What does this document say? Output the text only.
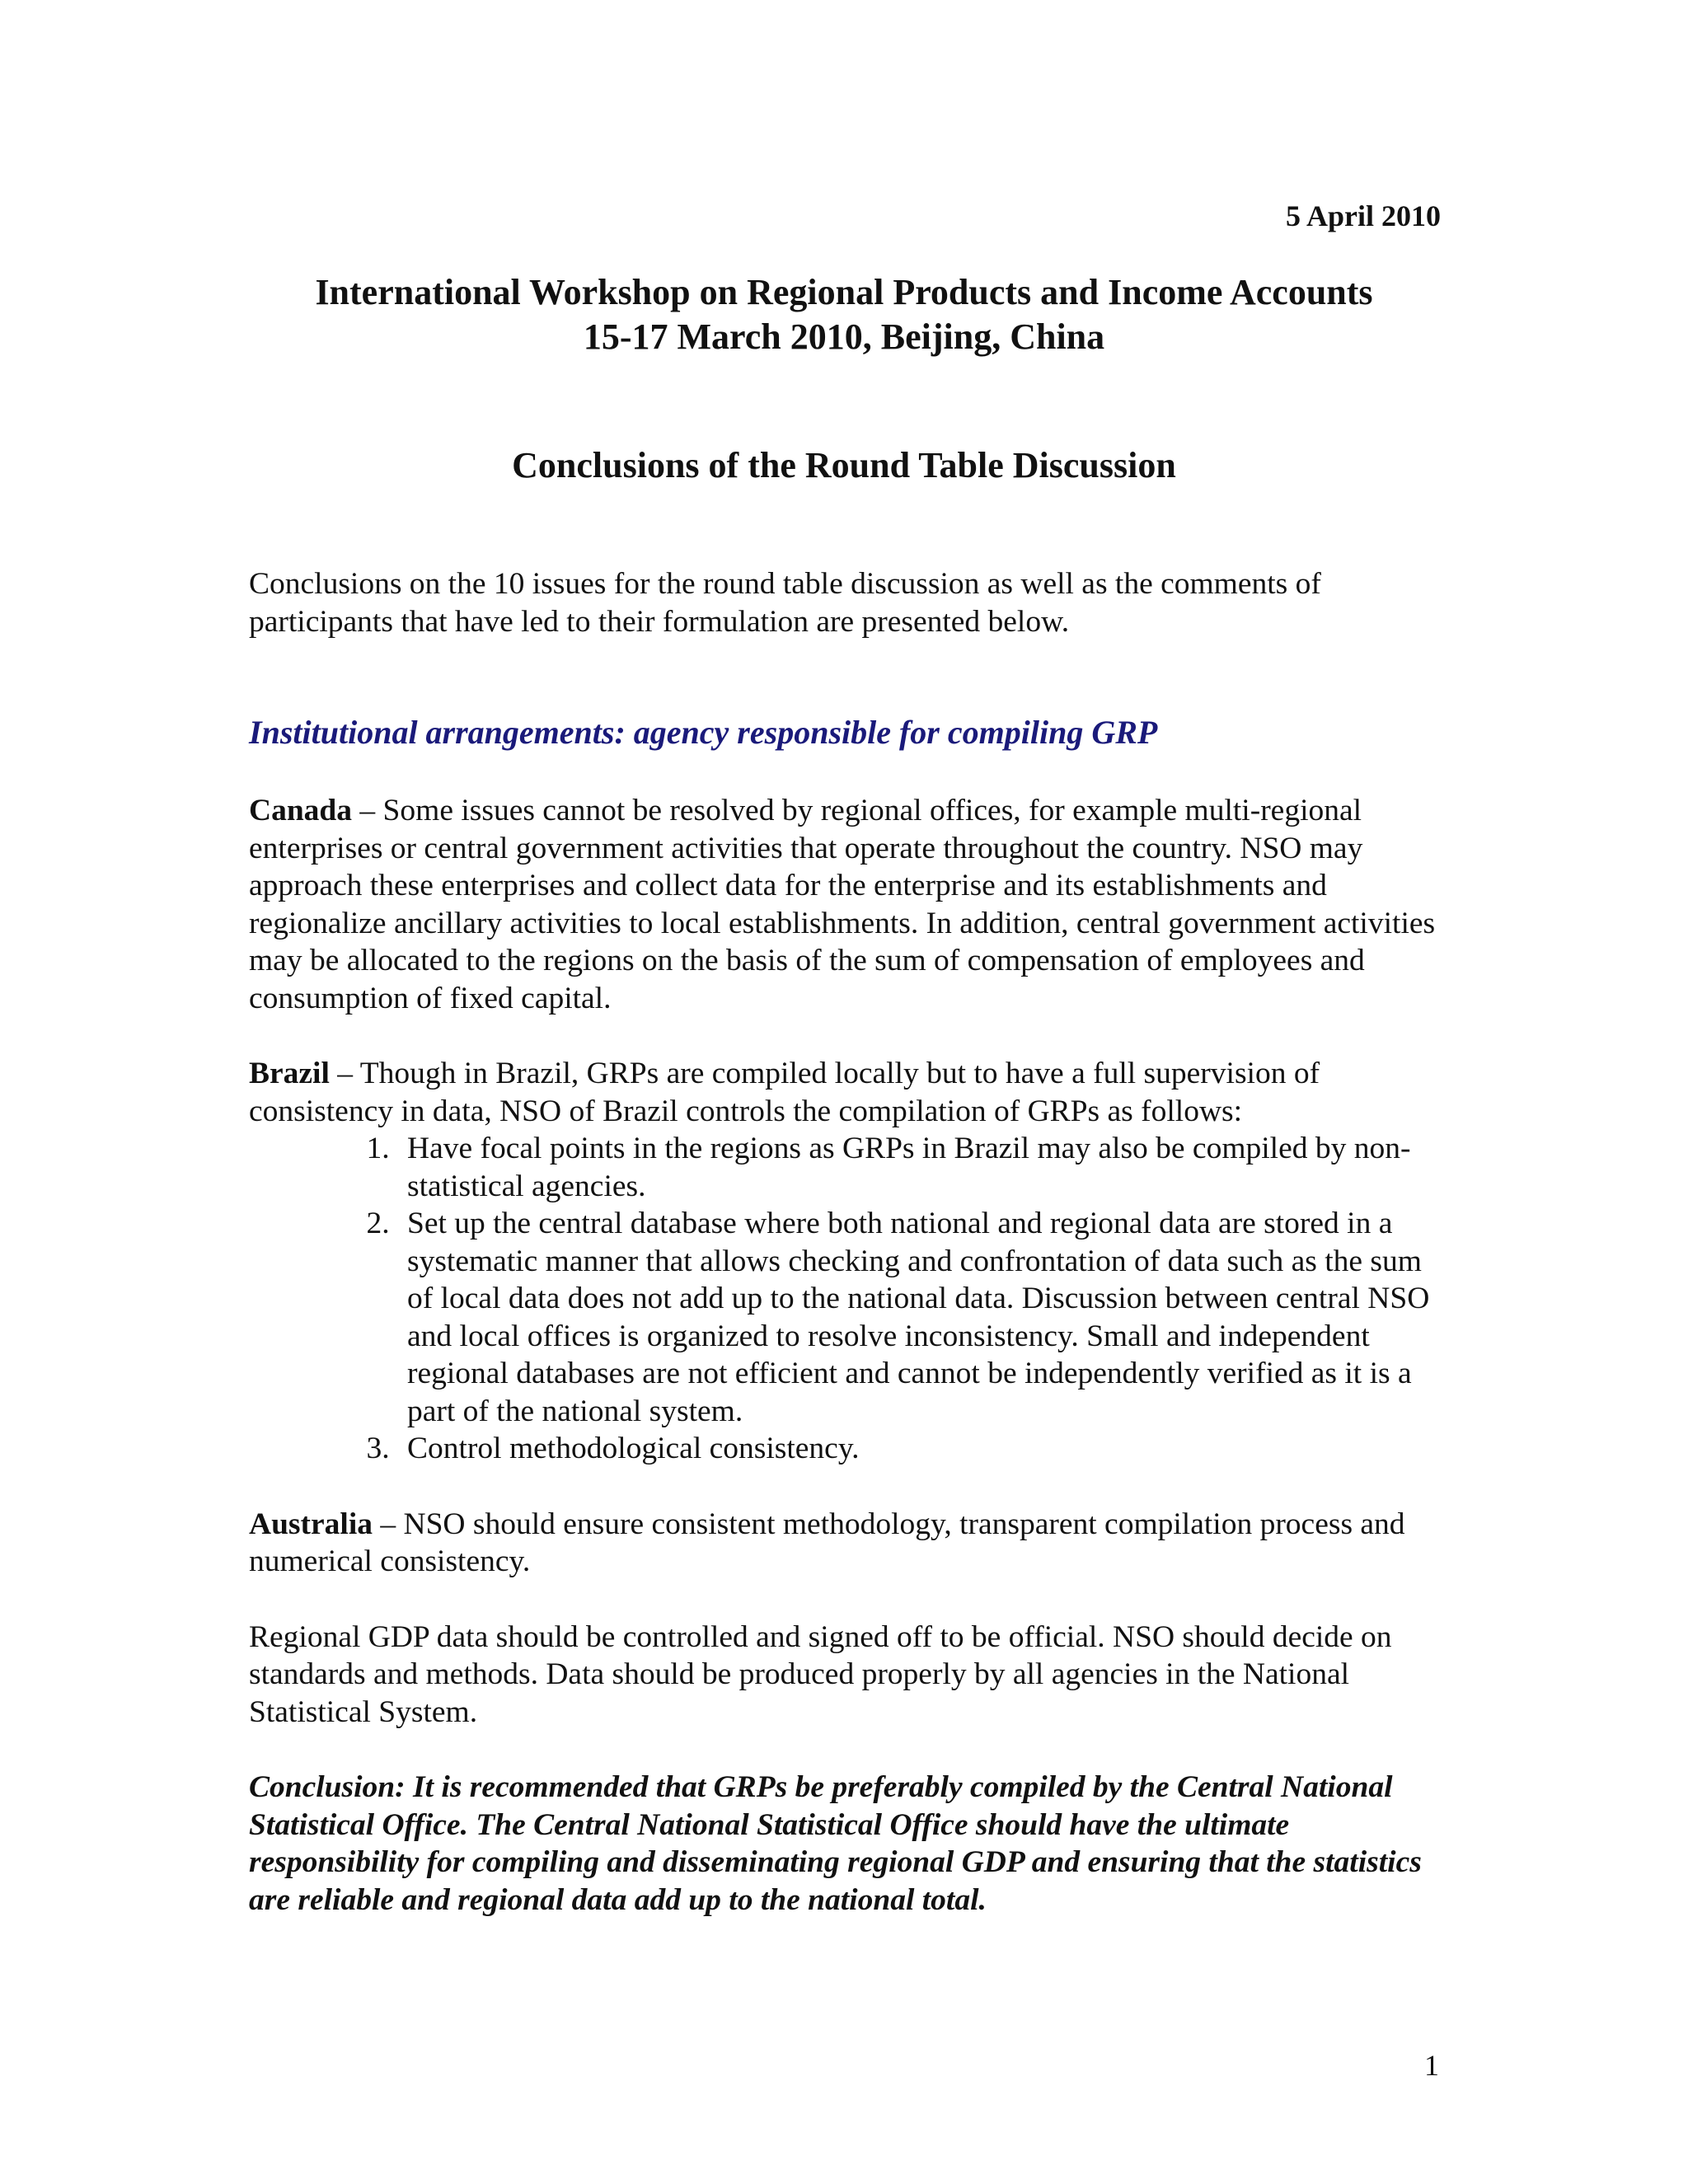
5 April 2010
International Workshop on Regional Products and Income Accounts
15-17 March 2010, Beijing, China
Conclusions of the Round Table Discussion

Conclusions on the 10 issues for the round table discussion as well as the comments of participants that have led to their formulation are presented below.

Institutional arrangements: agency responsible for compiling GRP

Canada – Some issues cannot be resolved by regional offices, for example multi-regional enterprises or central government activities that operate throughout the country. NSO may approach these enterprises and collect data for the enterprise and its establishments and regionalize ancillary activities to local establishments. In addition, central government activities may be allocated to the regions on the basis of the sum of compensation of employees and consumption of fixed capital.

Brazil – Though in Brazil, GRPs are compiled locally but to have a full supervision of consistency in data, NSO of Brazil controls the compilation of GRPs as follows:

1. Have focal points in the regions as GRPs in Brazil may also be compiled by non-statistical agencies.
2. Set up the central database where both national and regional data are stored in a systematic manner that allows checking and confrontation of data such as the sum of local data does not add up to the national data. Discussion between central NSO and local offices is organized to resolve inconsistency. Small and independent regional databases are not efficient and cannot be independently verified as it is a part of the national system.
3. Control methodological consistency.

Australia – NSO should ensure consistent methodology, transparent compilation process and numerical consistency.

Regional GDP data should be controlled and signed off to be official. NSO should decide on standards and methods. Data should be produced properly by all agencies in the National Statistical System.

Conclusion: It is recommended that GRPs be preferably compiled by the Central National Statistical Office. The Central National Statistical Office should have the ultimate responsibility for compiling and disseminating regional GDP and ensuring that the statistics are reliable and regional data add up to the national total.

1
